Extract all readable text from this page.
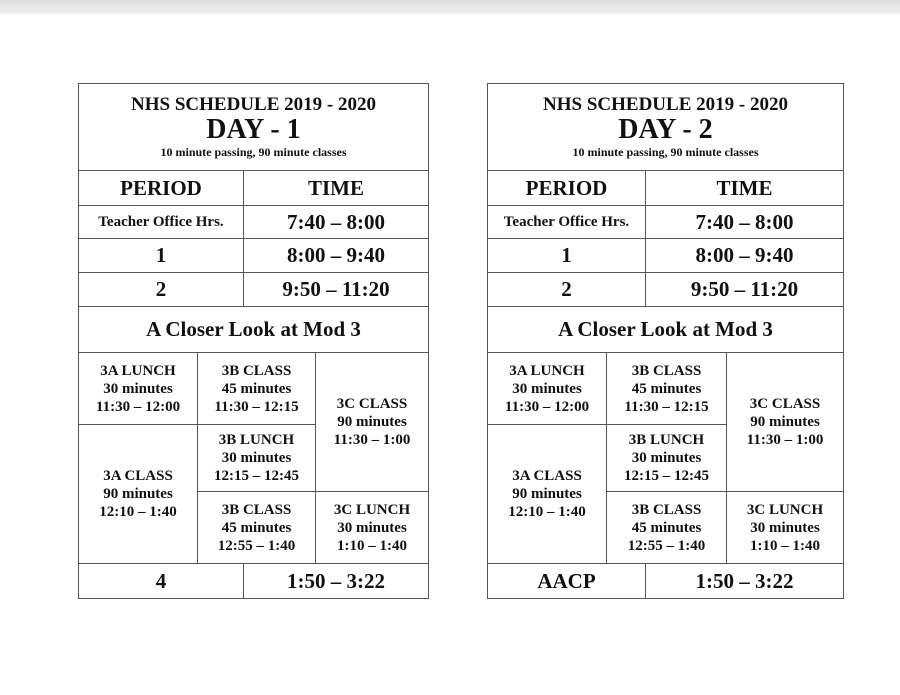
NHS SCHEDULE 2019 - 2020
DAY - 1
10 minute passing, 90 minute classes
PERIOD	TIME
Teacher Office Hrs.	7:40 – 8:00
1	8:00 – 9:40
2	9:50 – 11:20
A Closer Look at Mod 3
3A LUNCH
30 minutes
11:30 – 12:00
3A CLASS
90 minutes
12:10 – 1:40
3B CLASS
45 minutes
11:30 – 12:15
3B LUNCH
30 minutes
12:15 – 12:45
3B CLASS
45 minutes
12:55 – 1:40
3C CLASS
90 minutes
11:30 – 1:00
3C LUNCH
30 minutes
1:10 – 1:40
4	1:50 – 3:22
NHS SCHEDULE 2019 - 2020
DAY - 2
10 minute passing, 90 minute classes
PERIOD	TIME
Teacher Office Hrs.	7:40 – 8:00
1	8:00 – 9:40
2	9:50 – 11:20
A Closer Look at Mod 3
3A LUNCH
30 minutes
11:30 – 12:00
3A CLASS
90 minutes
12:10 – 1:40
3B CLASS
45 minutes
11:30 – 12:15
3B LUNCH
30 minutes
12:15 – 12:45
3B CLASS
45 minutes
12:55 – 1:40
3C CLASS
90 minutes
11:30 – 1:00
3C LUNCH
30 minutes
1:10 – 1:40
AACP	1:50 – 3:22
